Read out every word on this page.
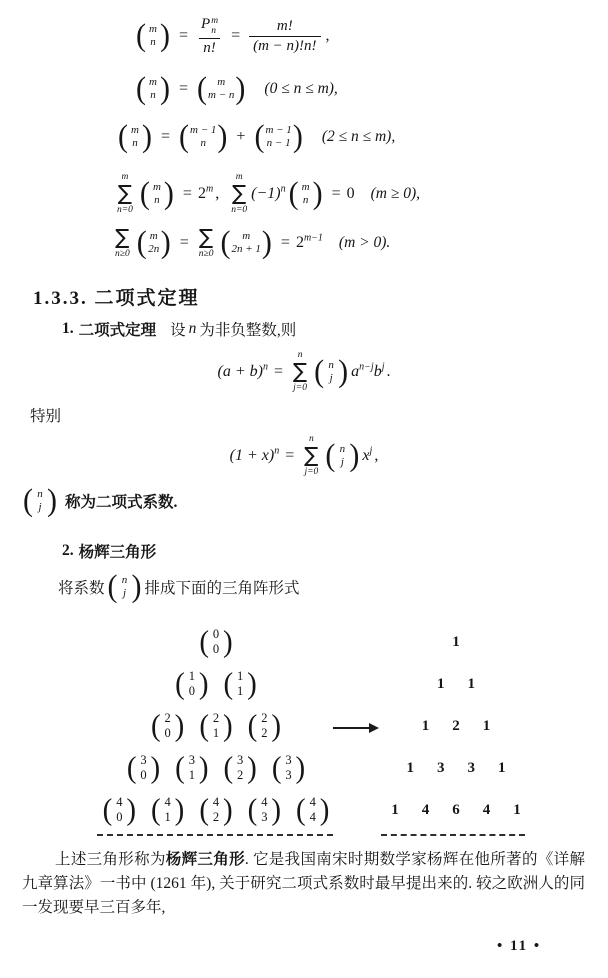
( m
n ) = P m
n
n! = $\frac{m!}{(m - n)!n!}$ ,
( m
n ) = ( m
m − n ) (0 ≤ n ≤ m),
( m
n ) = ( m − 1
n ) + ( m − 1
n − 1 ) (2 ≤ n ≤ m),
m
∑
n=0 ( m
n ) = $2^m$ ,
m
∑
n=0
$(-1)^n$ ( m
n ) = 0 (m ≥ 0),
∑
n≥0 ( m
2n ) = ∑
n≥0 ( m
2n + 1 ) = $2^{m-1}$ (m > 0).
1.3.3. 二项式定理
1. 二项式定理 设 n 为非负整数,则
$(a + b)^n$ =
n
∑
j=0 ( n
j ) $a^{n-j}b^j$ .
特别
$(1 + x)^n$ =
n
∑
j=0 ( n
j ) $x^j$ ,
( n
j ) 称为二项式系数.
2. 杨辉三角形
将系数 ( n
j ) 排成下面的三角阵形式
( 0
0 )
( 1
0 ) ( 1
1 )
( 2
0 ) ( 2
1 ) ( 2
2 )
( 3
0 ) ( 3
1 ) ( 3
2 ) ( 3
3 )
( 4
0 ) ( 4
1 ) ( 4
2 ) ( 4
3 ) ( 4
4 )
1
1 1
1 2 1
1 3 3 1
1 4 6 4 1

上述三角形称为杨辉三角形. 它是我国南宋时期数学家杨辉在他所著的《详解九章算法》一书中 (1261 年), 关于研究二项式系数时最早提出来的. 较之欧洲人的同一发现要早三百多年,

• 11 •
